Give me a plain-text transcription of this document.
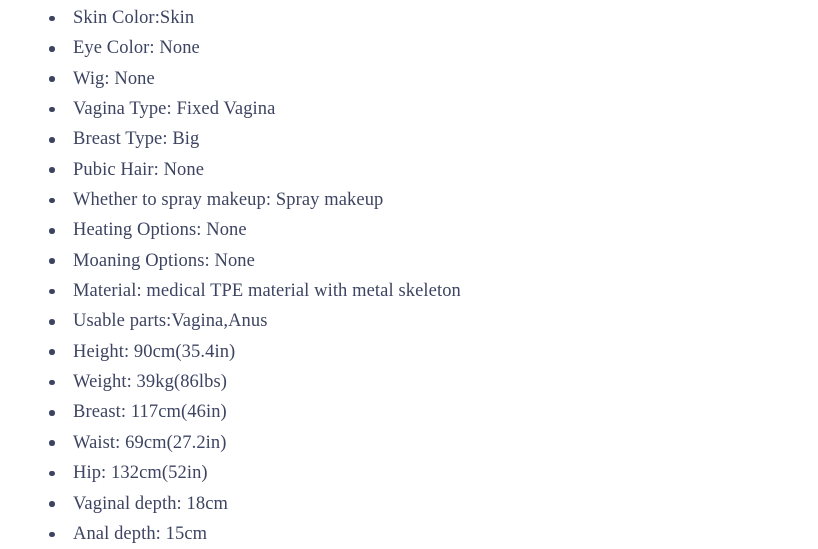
Skin Color:Skin
Eye Color: None
Wig: None
Vagina Type: Fixed Vagina
Breast Type: Big
Pubic Hair: None
Whether to spray makeup: Spray makeup
Heating Options: None
Moaning Options: None
Material: medical TPE material with metal skeleton
Usable parts:Vagina,Anus
Height: 90cm(35.4in)
Weight: 39kg(86lbs)
Breast: 117cm(46in)
Waist: 69cm(27.2in)
Hip: 132cm(52in)
Vaginal depth: 18cm
Anal depth: 15cm
